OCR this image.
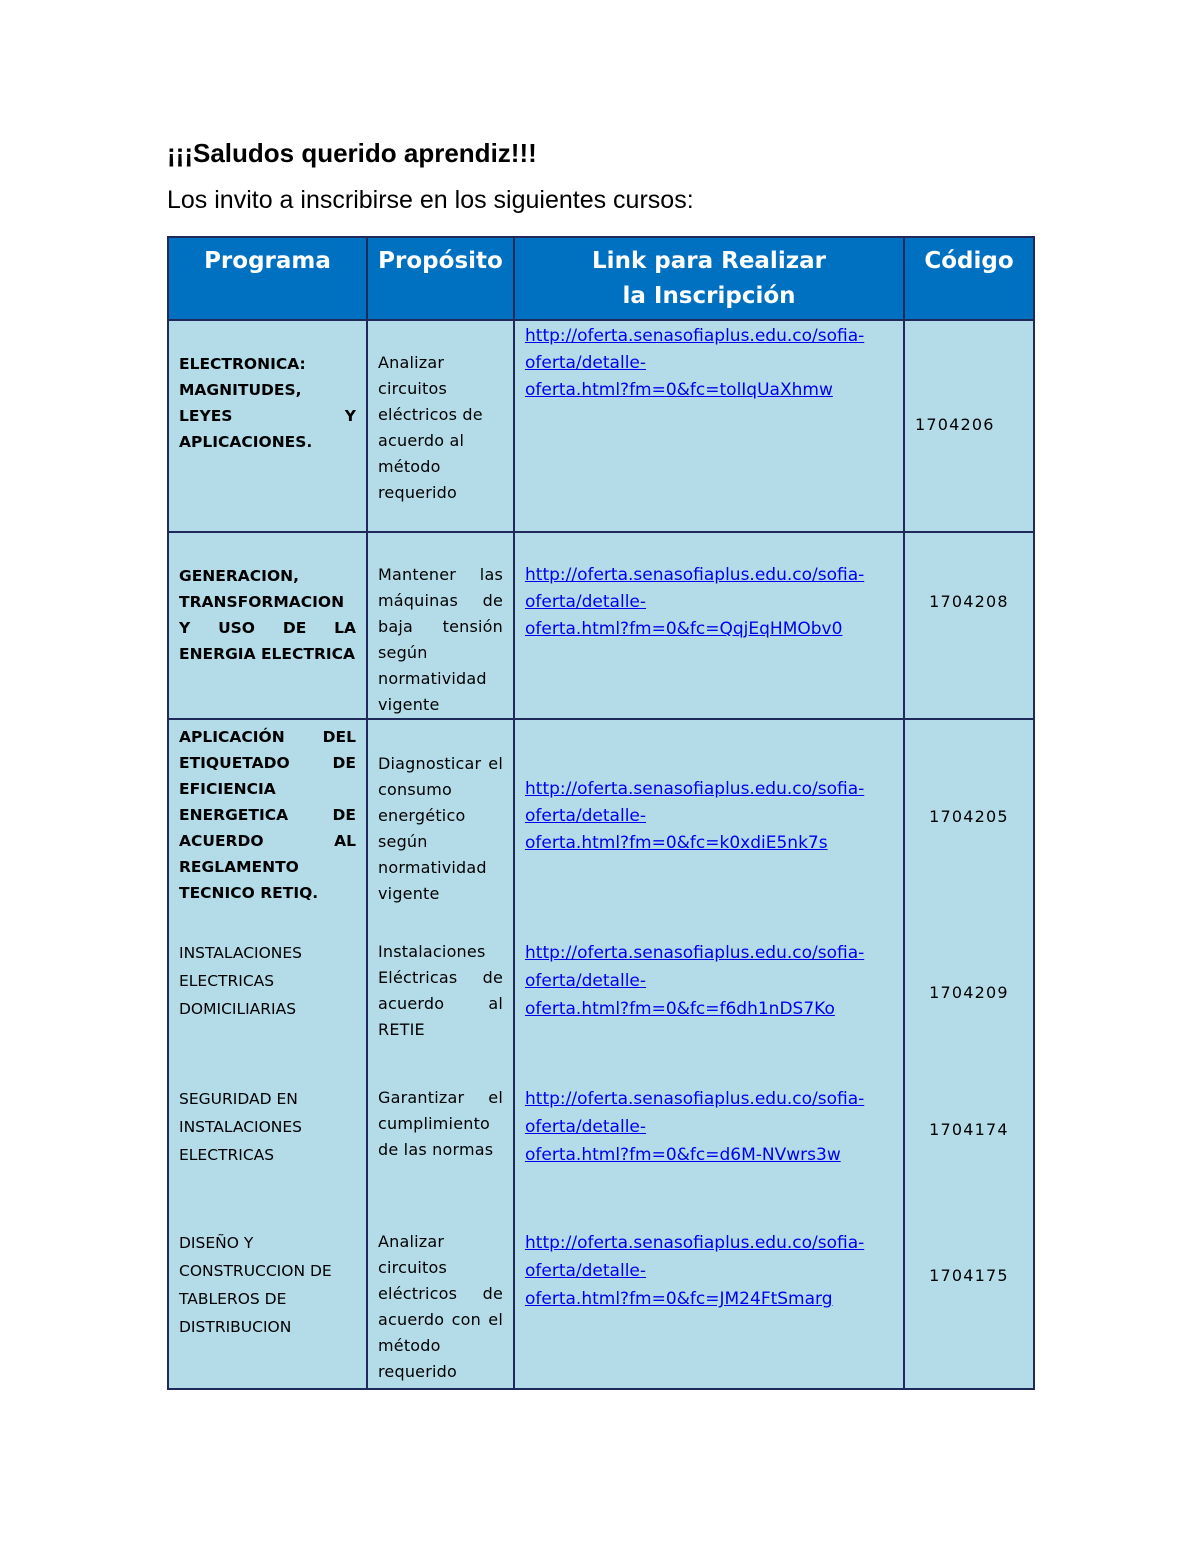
¡¡¡Saludos querido aprendiz!!!

Los invito a inscribirse en los siguientes cursos:

Programa	Propósito	Link para Realizar
la Inscripción	Código

ELECTRONICA: MAGNITUDES, LEYES Y APLICACIONES.	Analizar circuitos eléctricos de acuerdo al método requerido	http://oferta.senasofiaplus.edu.co/sofia-
oferta/detalle-
oferta.html?fm=0&fc=tolIqUaXhmw	1704206

GENERACION, TRANSFORMACION Y USO DE LA ENERGIA ELECTRICA	Mantener las máquinas de baja tensión según normatividad vigente	http://oferta.senasofiaplus.edu.co/sofia-
oferta/detalle-
oferta.html?fm=0&fc=QqjEqHMObv0	1704208

APLICACIÓN DEL ETIQUETADO DE EFICIENCIA ENERGETICA DE ACUERDO AL REGLAMENTO TECNICO RETIQ.	Diagnosticar el consumo energético según normatividad vigente	http://oferta.senasofiaplus.edu.co/sofia-
oferta/detalle-
oferta.html?fm=0&fc=k0xdiE5nk7s	1704205

INSTALACIONES ELECTRICAS DOMICILIARIAS	Instalaciones Eléctricas de acuerdo al RETIE	http://oferta.senasofiaplus.edu.co/sofia-
oferta/detalle-
oferta.html?fm=0&fc=f6dh1nDS7Ko	1704209

SEGURIDAD EN INSTALACIONES ELECTRICAS	Garantizar el cumplimiento de las normas	http://oferta.senasofiaplus.edu.co/sofia-
oferta/detalle-
oferta.html?fm=0&fc=d6M-NVwrs3w	1704174

DISEÑO Y CONSTRUCCION DE TABLEROS DE DISTRIBUCION	Analizar circuitos eléctricos de acuerdo con el método requerido	http://oferta.senasofiaplus.edu.co/sofia-
oferta/detalle-
oferta.html?fm=0&fc=JM24FtSmarg	1704175
